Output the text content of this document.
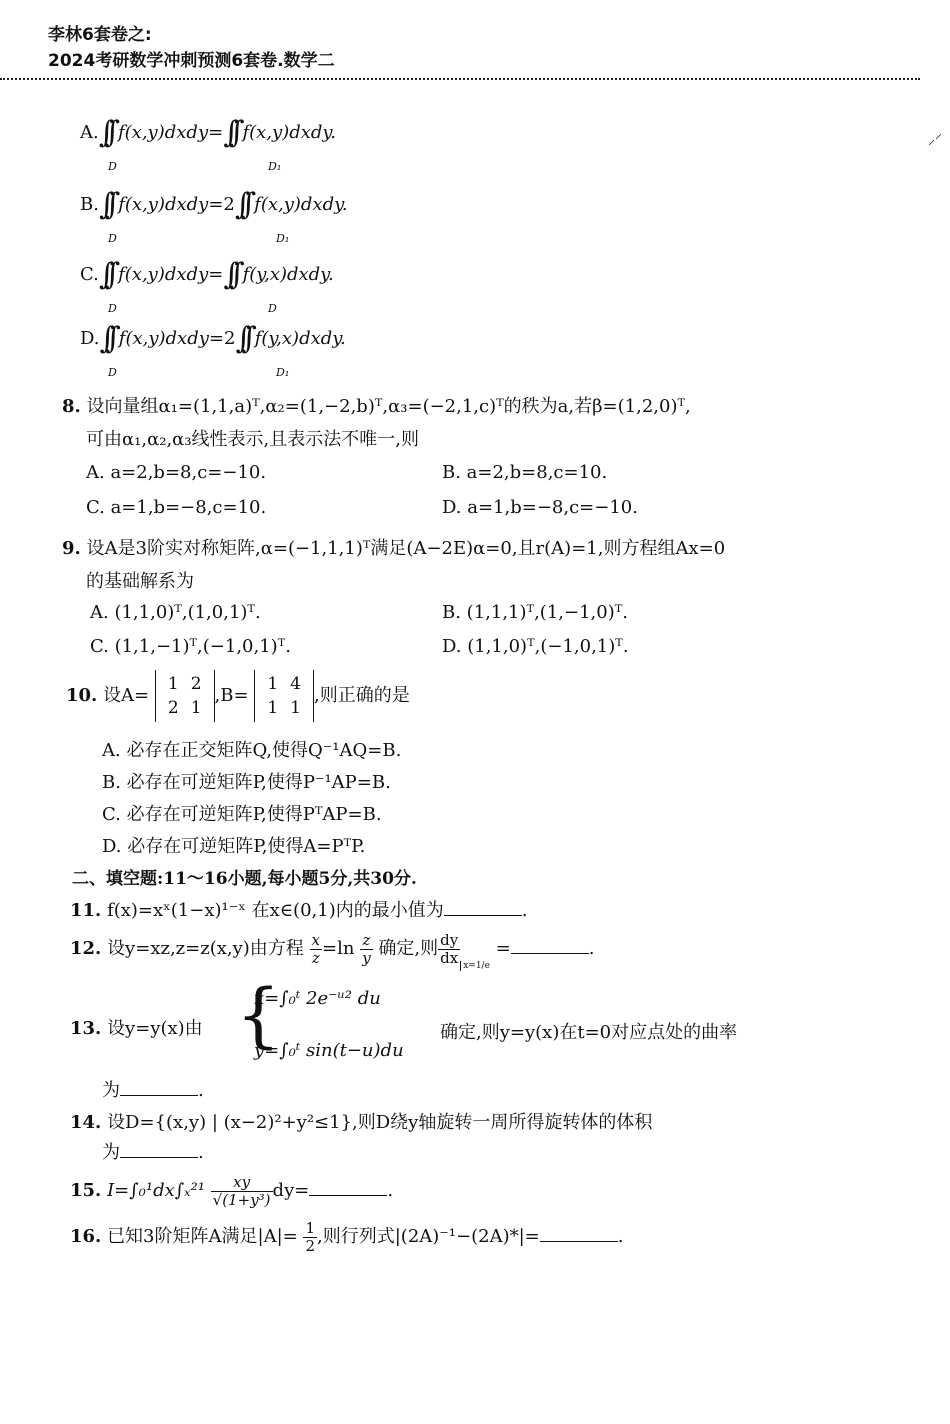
李林6套卷之:
2024考研数学冲刺预测6套卷.数学二
⸝⸍
A.∫∫ f(x,y)dxdy=∫∫ f(x,y)dxdy.
D	D₁
B.∫∫ f(x,y)dxdy=2∫∫ f(x,y)dxdy.
D	D₁
C.∫∫ f(x,y)dxdy=∫∫ f(y,x)dxdy.
D	D
D.∫∫ f(x,y)dxdy=2∫∫ f(y,x)dxdy.
D	D₁
8. 设向量组α₁=(1,1,a)ᵀ,α₂=(1,−2,b)ᵀ,α₃=(−2,1,c)ᵀ的秩为a,若β=(1,2,0)ᵀ,
可由α₁,α₂,α₃线性表示,且表示法不唯一,则
A. a=2,b=8,c=−10.	B. a=2,b=8,c=10.
C. a=1,b=−8,c=10.	D. a=1,b=−8,c=−10.
9. 设A是3阶实对称矩阵,α=(−1,1,1)ᵀ满足(A−2E)α=0,且r(A)=1,则方程组Ax=0
的基础解系为
A. (1,1,0)ᵀ,(1,0,1)ᵀ.	B. (1,1,1)ᵀ,(1,−1,0)ᵀ.
C. (1,1,−1)ᵀ,(−1,0,1)ᵀ.	D. (1,1,0)ᵀ,(−1,0,1)ᵀ.
10. 设A=
1	2
2	1
,B=
1	4
1	1
,则正确的是
A. 必存在正交矩阵Q,使得Q⁻¹AQ=B.
B. 必存在可逆矩阵P,使得P⁻¹AP=B.
C. 必存在可逆矩阵P,使得PᵀAP=B.
D. 必存在可逆矩阵P,使得A=PᵀP.
二、填空题:11～16小题,每小题5分,共30分.
11. f(x)=xˣ(1−x)¹⁻ˣ 在x∈(0,1)内的最小值为	.
12. 设y=xz,z=z(x,y)由方程 $\frac{x}{z} =\ln \frac{z}{y}$ 确定,则 $\frac{dy}{dx} _{x=1/e}$ =	.
13. 设y=y(x)由 {
x=∫₀ᵗ 2e⁻ᵘ² du
y=∫₀ᵗ sin(t−u)du
确定,则y=y(x)在t=0对应点处的曲率
为	.
14. 设D={(x,y) | (x−2)²+y²≤1},则D绕y轴旋转一周所得旋转体的体积
为	.
15. $I=\int_0^1dx\int_x^{21} \frac{xy}{\text{√(1+y³)}} dy=$	.
16. 已知3阶矩阵A满足$|A|= \frac{1}{2}$ ,则行列式|(2A)⁻¹−(2A)*|=	.
